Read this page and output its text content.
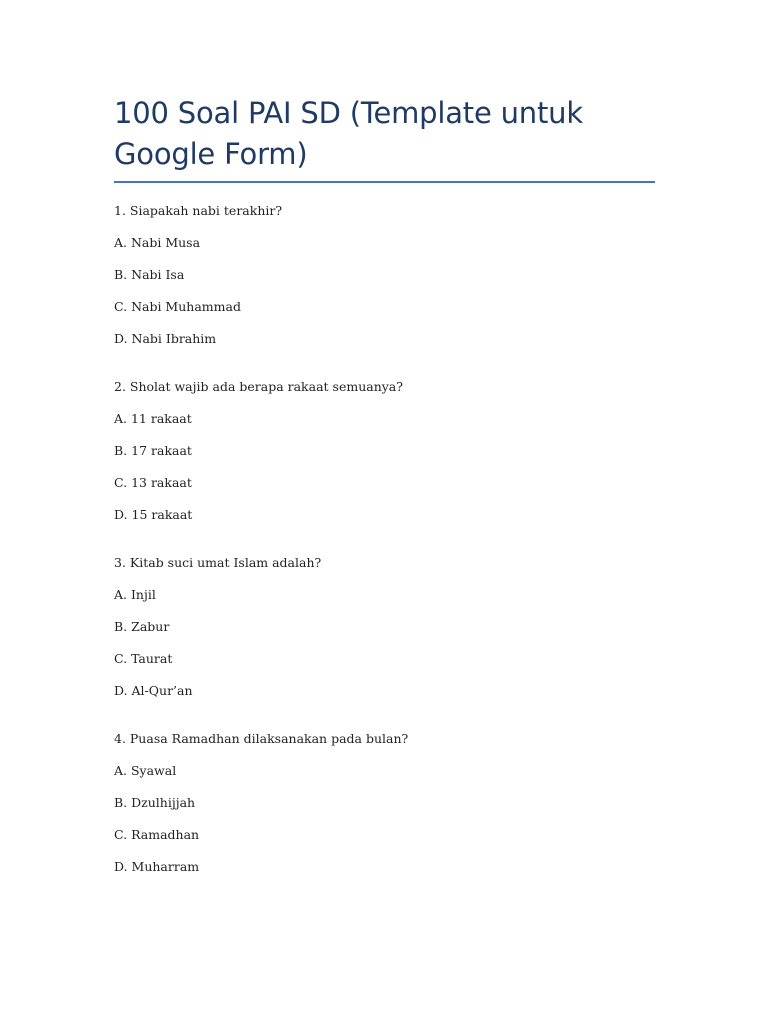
100 Soal PAI SD (Template untuk Google Form)
1. Siapakah nabi terakhir?
A. Nabi Musa
B. Nabi Isa
C. Nabi Muhammad
D. Nabi Ibrahim
2. Sholat wajib ada berapa rakaat semuanya?
A. 11 rakaat
B. 17 rakaat
C. 13 rakaat
D. 15 rakaat
3. Kitab suci umat Islam adalah?
A. Injil
B. Zabur
C. Taurat
D. Al-Qur’an
4. Puasa Ramadhan dilaksanakan pada bulan?
A. Syawal
B. Dzulhijjah
C. Ramadhan
D. Muharram
